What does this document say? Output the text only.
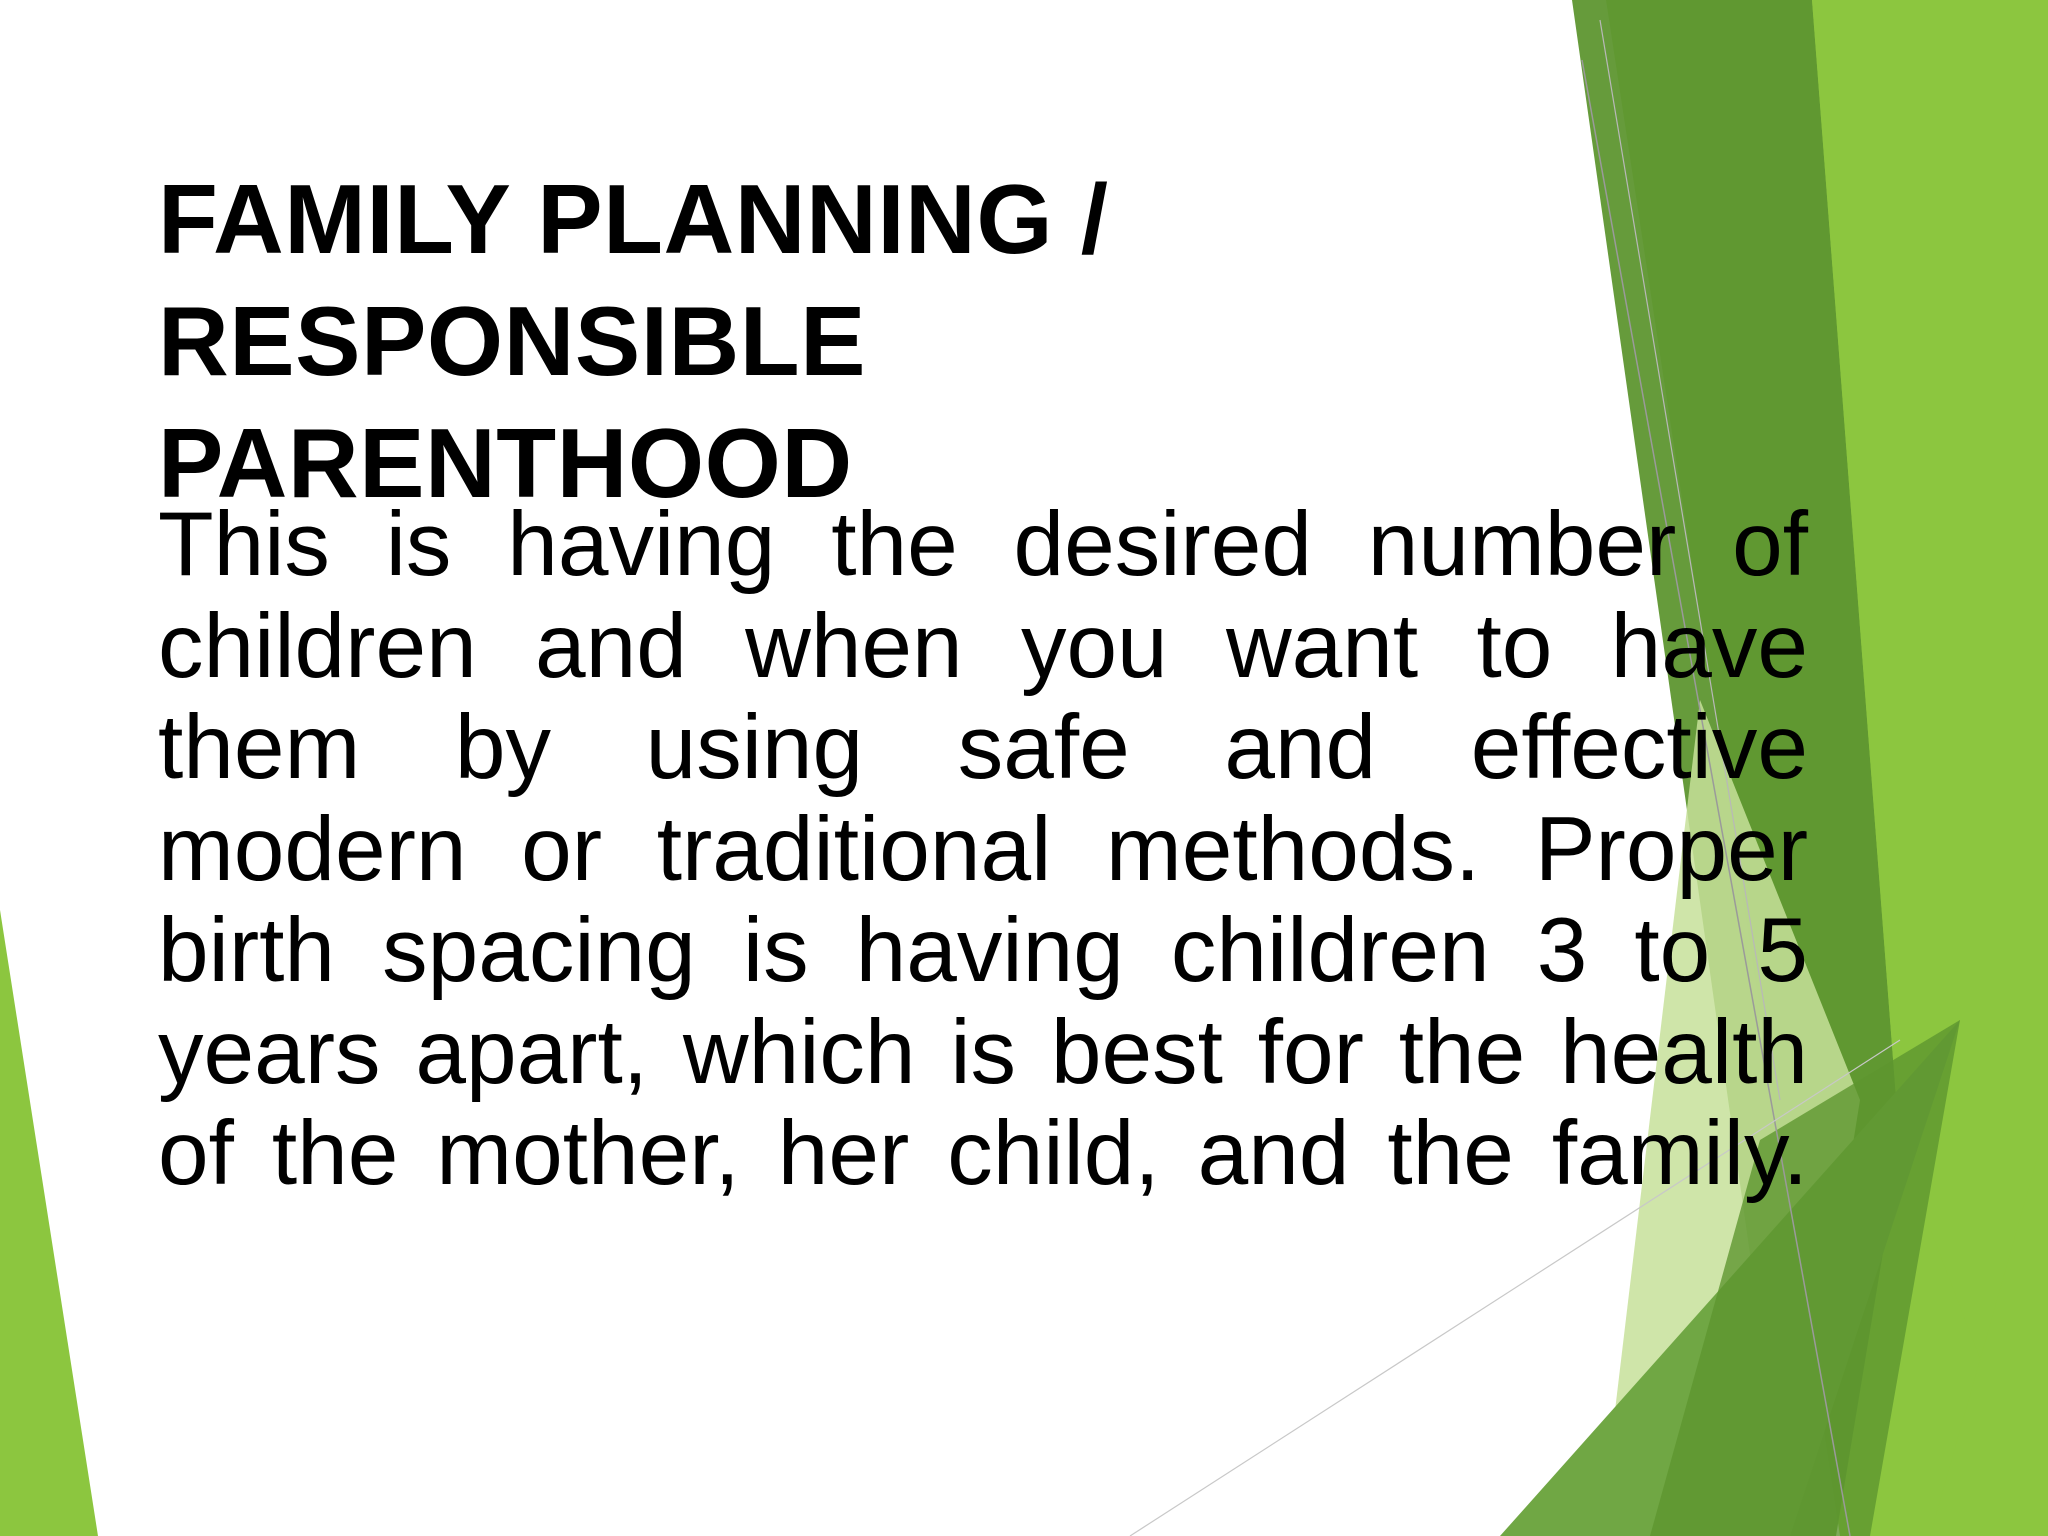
FAMILY PLANNING /
RESPONSIBLE
PARENTHOOD
This is having the desired number of
children and when you want to have
them by using safe and effective
modern or traditional methods. Proper
birth spacing is having children 3 to 5
years apart, which is best for the health
of the mother, her child, and the family.
